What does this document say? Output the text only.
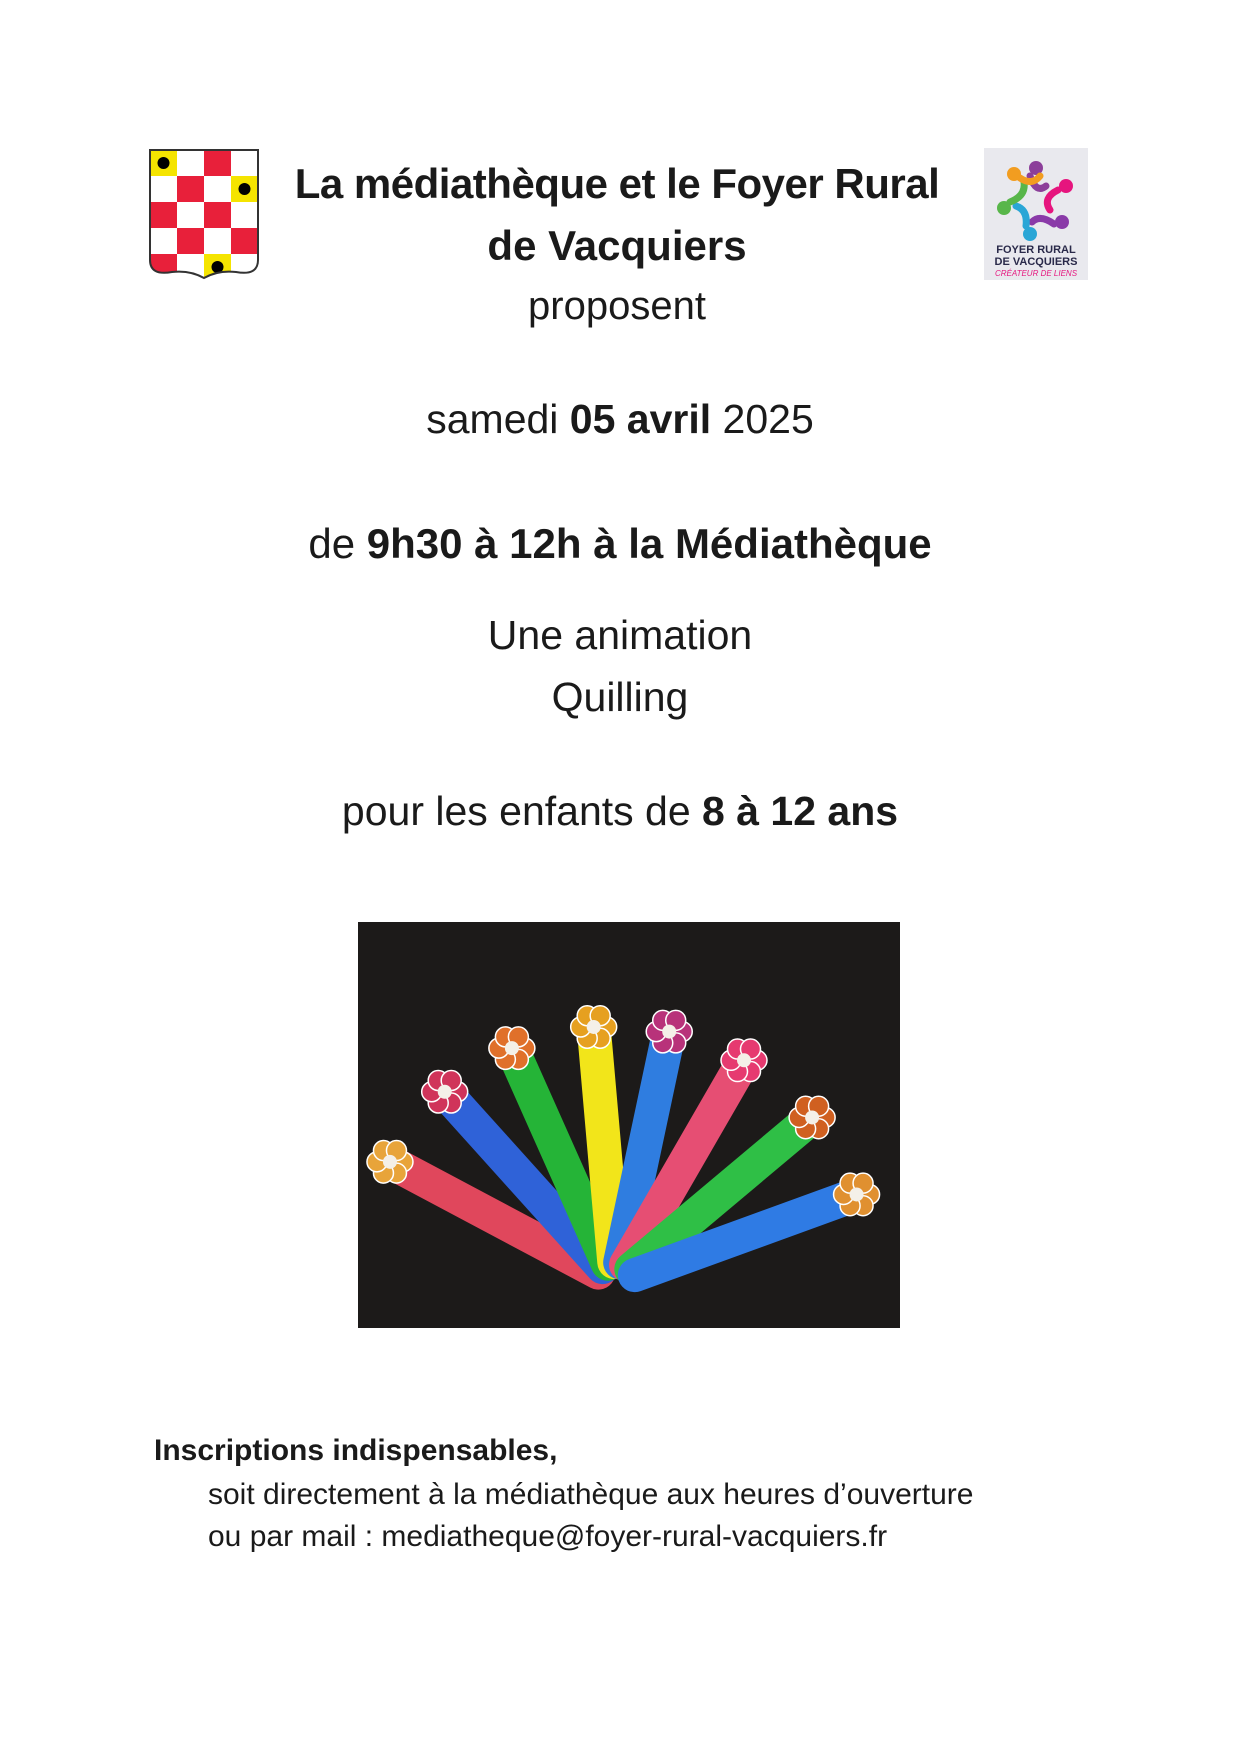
FOYER RURAL
DE VACQUIERS
CRÉATEUR DE LIENS
La médiathèque et le Foyer Rural
de Vacquiers
proposent
samedi 05 avril 2025
de 9h30 à 12h à la Médiathèque
Une animation
Quilling
pour les enfants de 8 à 12 ans
Inscriptions indispensables,
soit directement à la médiathèque aux heures d’ouverture
ou par mail : mediatheque@foyer-rural-vacquiers.fr
